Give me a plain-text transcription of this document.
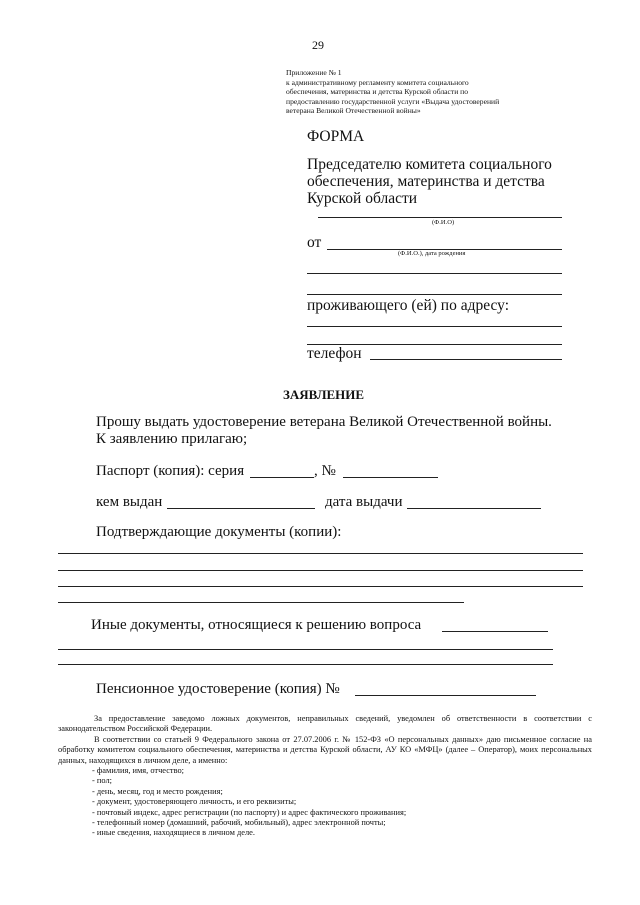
29
Приложение № 1
к административному регламенту комитета социального
обеспечения, материнства и детства Курской области по
предоставлению государственной услуги «Выдача удостоверений
ветерана Великой Отечественной войны»
ФОРМА
Председателю комитета социального
обеспечения, материнства и детства
Курской области
(Ф.И.О)
от
(Ф.И.О.), дата рождения
проживающего (ей) по адресу:
телефон
ЗАЯВЛЕНИЕ
Прошу выдать удостоверение ветерана Великой Отечественной войны.
К заявлению прилагаю;
Паспорт (копия): серия	, №
кем выдан	дата выдачи
Подтверждающие документы (копии):
Иные документы, относящиеся к решению вопроса
Пенсионное удостоверение (копия) №

За предоставление заведомо ложных документов, неправильных сведений, уведомлен об ответственности в соответствии с законодательством Российской Федерации.

В соответствии со статьей 9 Федерального закона от 27.07.2006 г. № 152-ФЗ «О персональных данных» даю письменное согласие на обработку комитетом социального обеспечения, материнства и детства Курской области, АУ КО «МФЦ» (далее – Оператор), моих персональных данных, находящихся в личном деле, а именно:

- фамилия, имя, отчество;
- пол;
- день, месяц, год и место рождения;
- документ, удостоверяющего личность, и его реквизиты;
- почтовый индекс, адрес регистрации (по паспорту) и адрес фактического проживания;
- телефонный номер (домашний, рабочий, мобильный), адрес электронной почты;
- иные сведения, находящиеся в личном деле.
